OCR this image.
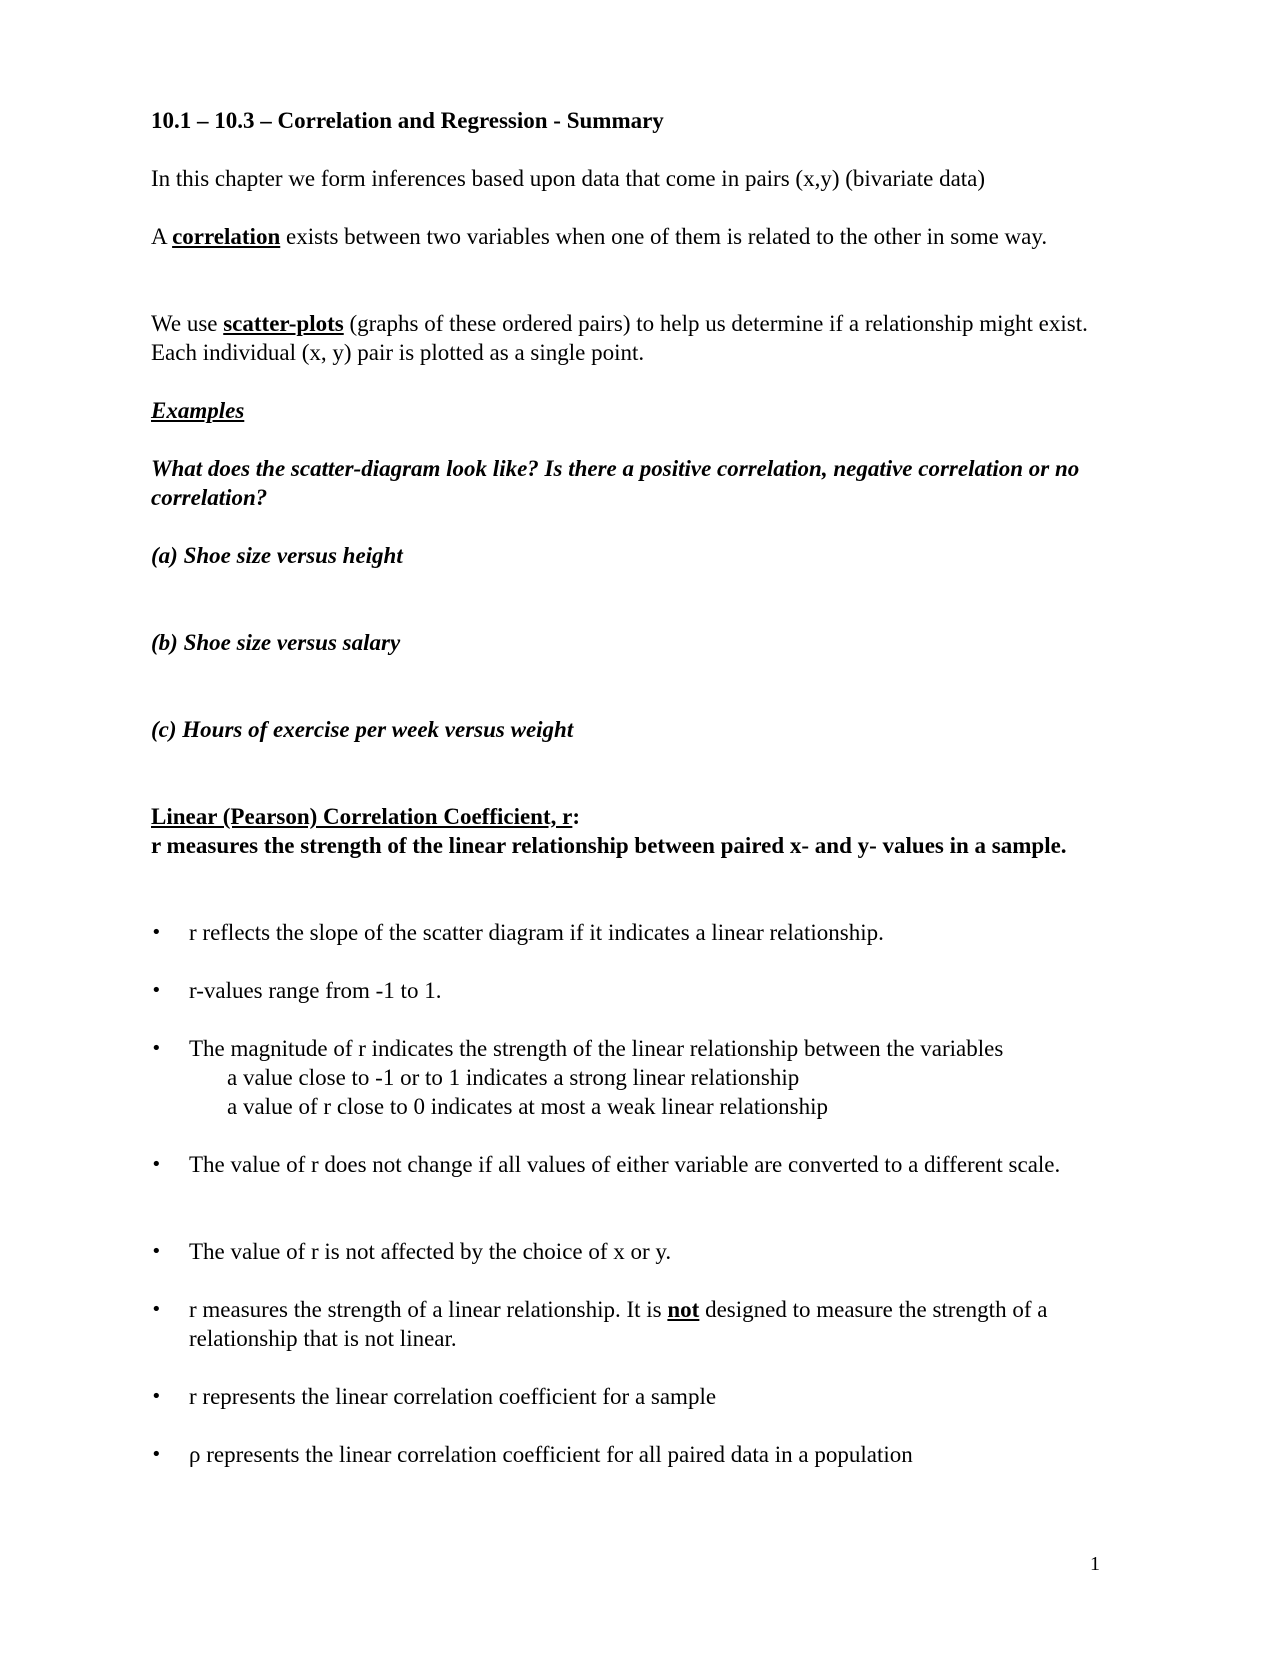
10.1 – 10.3 – Correlation and Regression - Summary

In this chapter we form inferences based upon data that come in pairs (x,y) (bivariate data)

A correlation exists between two variables when one of them is related to the other in some way.

We use scatter-plots (graphs of these ordered pairs) to help us determine if a relationship might exist. Each individual (x, y) pair is plotted as a single point.

Examples

What does the scatter-diagram look like? Is there a positive correlation, negative correlation or no correlation?

(a) Shoe size versus height

(b) Shoe size versus salary

(c) Hours of exercise per week versus weight

Linear (Pearson) Correlation Coefficient, r:

r measures the strength of the linear relationship between paired x- and y- values in a sample.

•	r reflects the slope of the scatter diagram if it indicates a linear relationship.
•	r-values range from -1 to 1.
•	The magnitude of r indicates the strength of the linear relationship between the variables
a value close to -1 or to 1 indicates a strong linear relationship
a value of r close to 0 indicates at most a weak linear relationship
•	The value of r does not change if all values of either variable are converted to a different scale.
•	The value of r is not affected by the choice of x or y.
•	r measures the strength of a linear relationship. It is not designed to measure the strength of a relationship that is not linear.
•	r represents the linear correlation coefficient for a sample
•	ρ represents the linear correlation coefficient for all paired data in a population
1
